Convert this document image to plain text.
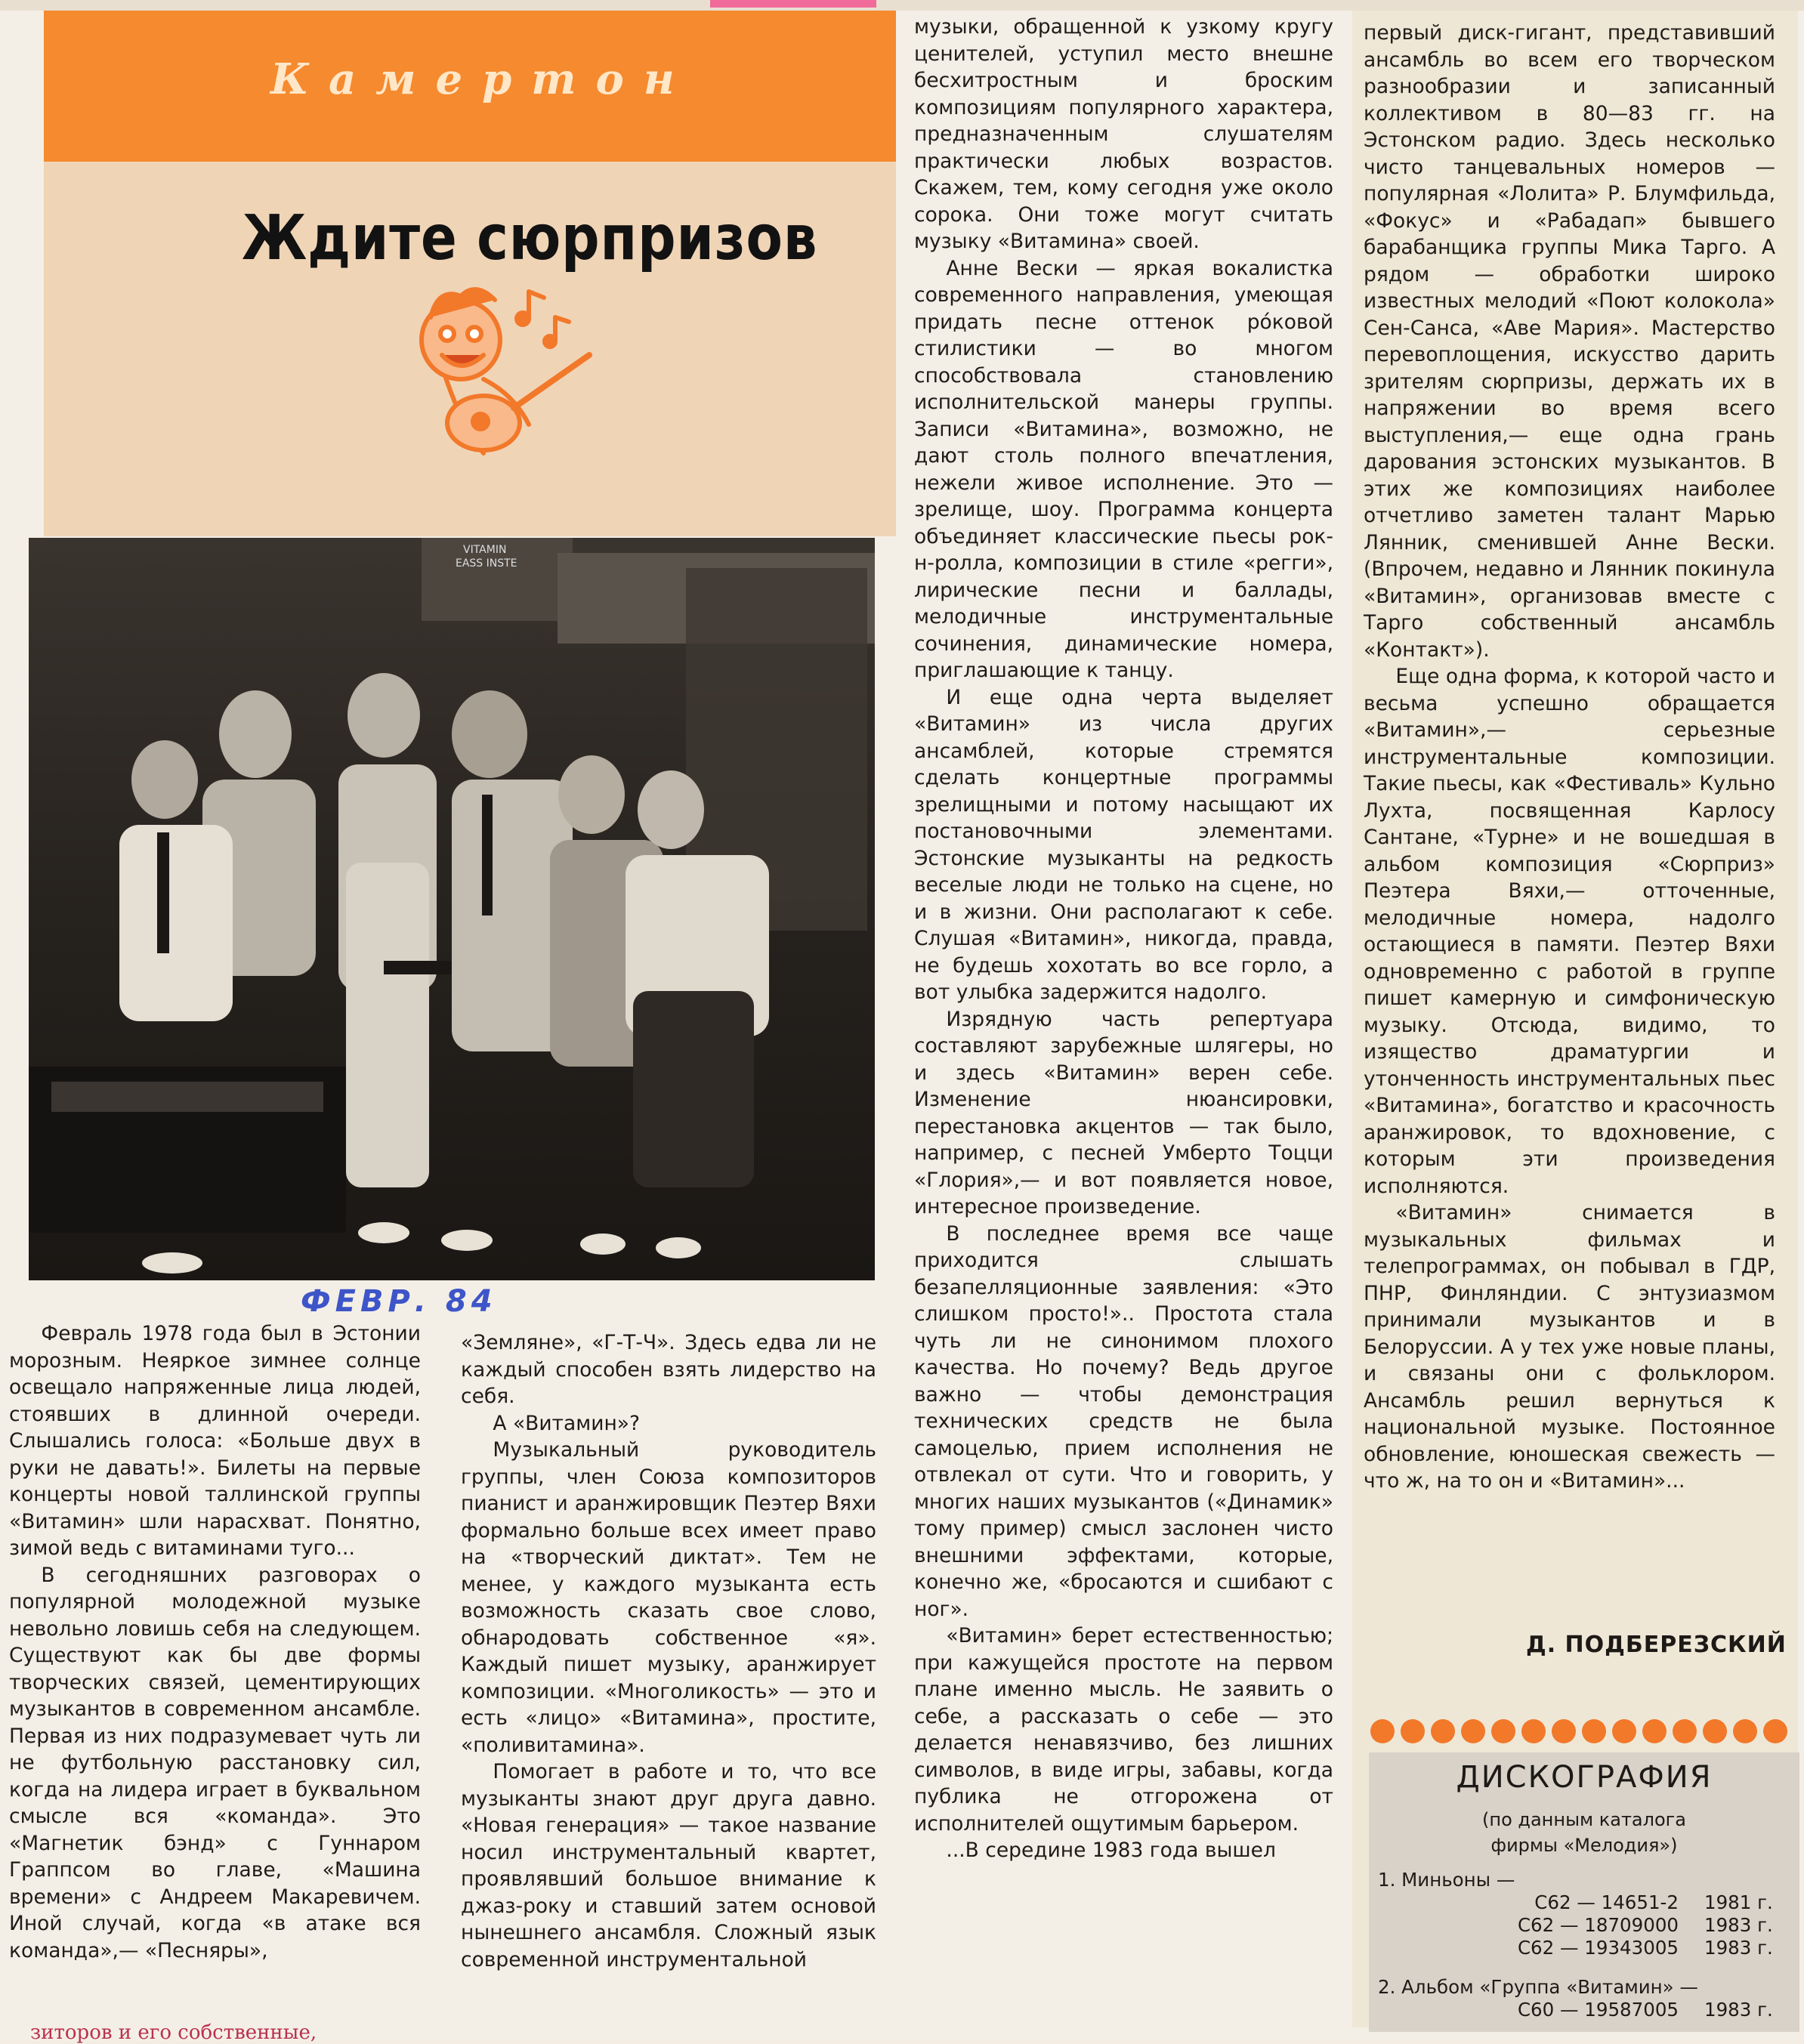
Камертон
Ждите сюрпризов
VITAMIN
EASS INSTE
ФЕВР. 84

Февраль 1978 года был в Эстонии морозным. Неяркое зимнее солнце освещало напряженные лица людей, стоявших в длинной очереди. Слышались голоса: «Больше двух в руки не давать!». Билеты на первые концерты новой таллинской группы «Витамин» шли нарасхват. Понятно, зимой ведь с витаминами туго...

В сегодняшних разговорах о популярной молодежной музыке невольно ловишь себя на следующем. Существуют как бы две формы творческих связей, цементирующих музыкантов в современном ансамбле. Первая из них подразумевает чуть ли не футбольную расстановку сил, когда на лидера играет в буквальном смысле вся «команда». Это «Магнетик бэнд» с Гуннаром Граппсом во главе, «Машина времени» с Андреем Макаревичем. Иной случай, когда «в атаке вся команда»,— «Песняры»,

«Земляне», «Г-Т-Ч». Здесь едва ли не каждый способен взять лидерство на себя.

А «Витамин»?

Музыкальный руководитель группы, член Союза композиторов пианист и аранжировщик Пеэтер Вяхи формально больше всех имеет право на «творческий диктат». Тем не менее, у каждого музыканта есть возможность сказать свое слово, обнародовать собственное «я». Каждый пишет музыку, аранжирует композиции. «Многоликость» — это и есть «лицо» «Витамина», простите, «поливитамина».

Помогает в работе и то, что все музыканты знают друг друга давно. «Новая генерация» — такое название носил инструментальный квартет, проявлявший большое внимание к джаз-року и ставший затем основой нынешнего ансамбля. Сложный язык современной инструментальной

музыки, обращенной к узкому кругу ценителей, уступил место внешне бесхитростным и броским композициям популярного характера, предназначенным слушателям практически любых возрастов. Скажем, тем, кому сегодня уже около сорока. Они тоже могут считать музыку «Витамина» своей.

Анне Вески — яркая вокалистка современного направления, умеющая придать песне оттенок ро́ковой стилистики — во многом способствовала становлению исполнительской манеры группы. Записи «Витамина», возможно, не дают столь полного впечатления, нежели живое исполнение. Это — зрелище, шоу. Программа концерта объединяет классические пьесы рок-н-ролла, композиции в стиле «регги», лирические песни и баллады, мелодичные инструментальные сочинения, динамические номера, приглашающие к танцу.

И еще одна черта выделяет «Витамин» из числа других ансамблей, которые стремятся сделать концертные программы зрелищными и потому насыщают их постановочными элементами. Эстонские музыканты на редкость веселые люди не только на сцене, но и в жизни. Они располагают к себе. Слушая «Витамин», никогда, правда, не будешь хохотать во все горло, а вот улыбка задержится надолго.

Изрядную часть репертуара составляют зарубежные шлягеры, но и здесь «Витамин» верен себе. Изменение нюансировки, перестановка акцентов — так было, например, с песней Умберто Тоцци «Глория»,— и вот появляется новое, интересное произведение.

В последнее время все чаще приходится слышать безапелляционные заявления: «Это слишком просто!».. Простота стала чуть ли не синонимом плохого качества. Но почему? Ведь другое важно — чтобы демонстрация технических средств не была самоцелью, прием исполнения не отвлекал от сути. Что и говорить, у многих наших музыкантов («Динамик» тому пример) смысл заслонен чисто внешними эффектами, которые, конечно же, «бросаются и сшибают с ног».

«Витамин» берет естественностью; при кажущейся простоте на первом плане именно мысль. Не заявить о себе, а рассказать о себе — это делается ненавязчиво, без лишних символов, в виде игры, забавы, когда публика не отгорожена от исполнителей ощутимым барьером.

...В середине 1983 года вышел

первый диск-гигант, представивший ансамбль во всем его творческом разнообразии и записанный коллективом в 80—83 гг. на Эстонском радио. Здесь несколько чисто танцевальных номеров — популярная «Лолита» Р. Блумфильда, «Фокус» и «Рабадап» бывшего барабанщика группы Мика Тарго. А рядом — обработки широко известных мелодий «Поют колокола» Сен-Санса, «Аве Мария». Мастерство перевоплощения, искусство дарить зрителям сюрпризы, держать их в напряжении во время всего выступления,— еще одна грань дарования эстонских музыкантов. В этих же композициях наиболее отчетливо заметен талант Марью Лянник, сменившей Анне Вески. (Впрочем, недавно и Лянник покинула «Витамин», организовав вместе с Тарго собственный ансамбль «Контакт»).

Еще одна форма, к которой часто и весьма успешно обращается «Витамин»,— серьезные инструментальные композиции. Такие пьесы, как «Фестиваль» Кульно Лухта, посвященная Карлосу Сантане, «Турне» и не вошедшая в альбом композиция «Сюрприз» Пеэтера Вяхи,— отточенные, мелодичные номера, надолго остающиеся в памяти. Пеэтер Вяхи одновременно с работой в группе пишет камерную и симфоническую музыку. Отсюда, видимо, то изящество драматургии и утонченность инструментальных пьес «Витамина», богатство и красочность аранжировок, то вдохновение, с которым эти произведения исполняются.

«Витамин» снимается в музыкальных фильмах и телепрограммах, он побывал в ГДР, ПНР, Финляндии. С энтузиазмом принимали музыкантов и в Белоруссии. А у тех уже новые планы, и связаны они с фольклором. Ансамбль решил вернуться к национальной музыке. Постоянное обновление, юношеская свежесть — что ж, на то он и «Витамин»...

Д. ПОДБЕРЕЗСКИЙ
ДИСКОГРАФИЯ
(по данным каталога
фирмы «Мелодия»)
1. Миньоны —
С62 — 14651-2 1981 г.
С62 — 18709000 1983 г.
С62 — 19343005 1983 г.
2. Альбом «Группа «Витамин» —
С60 — 19587005 1983 г.
зиторов и его собственные,
